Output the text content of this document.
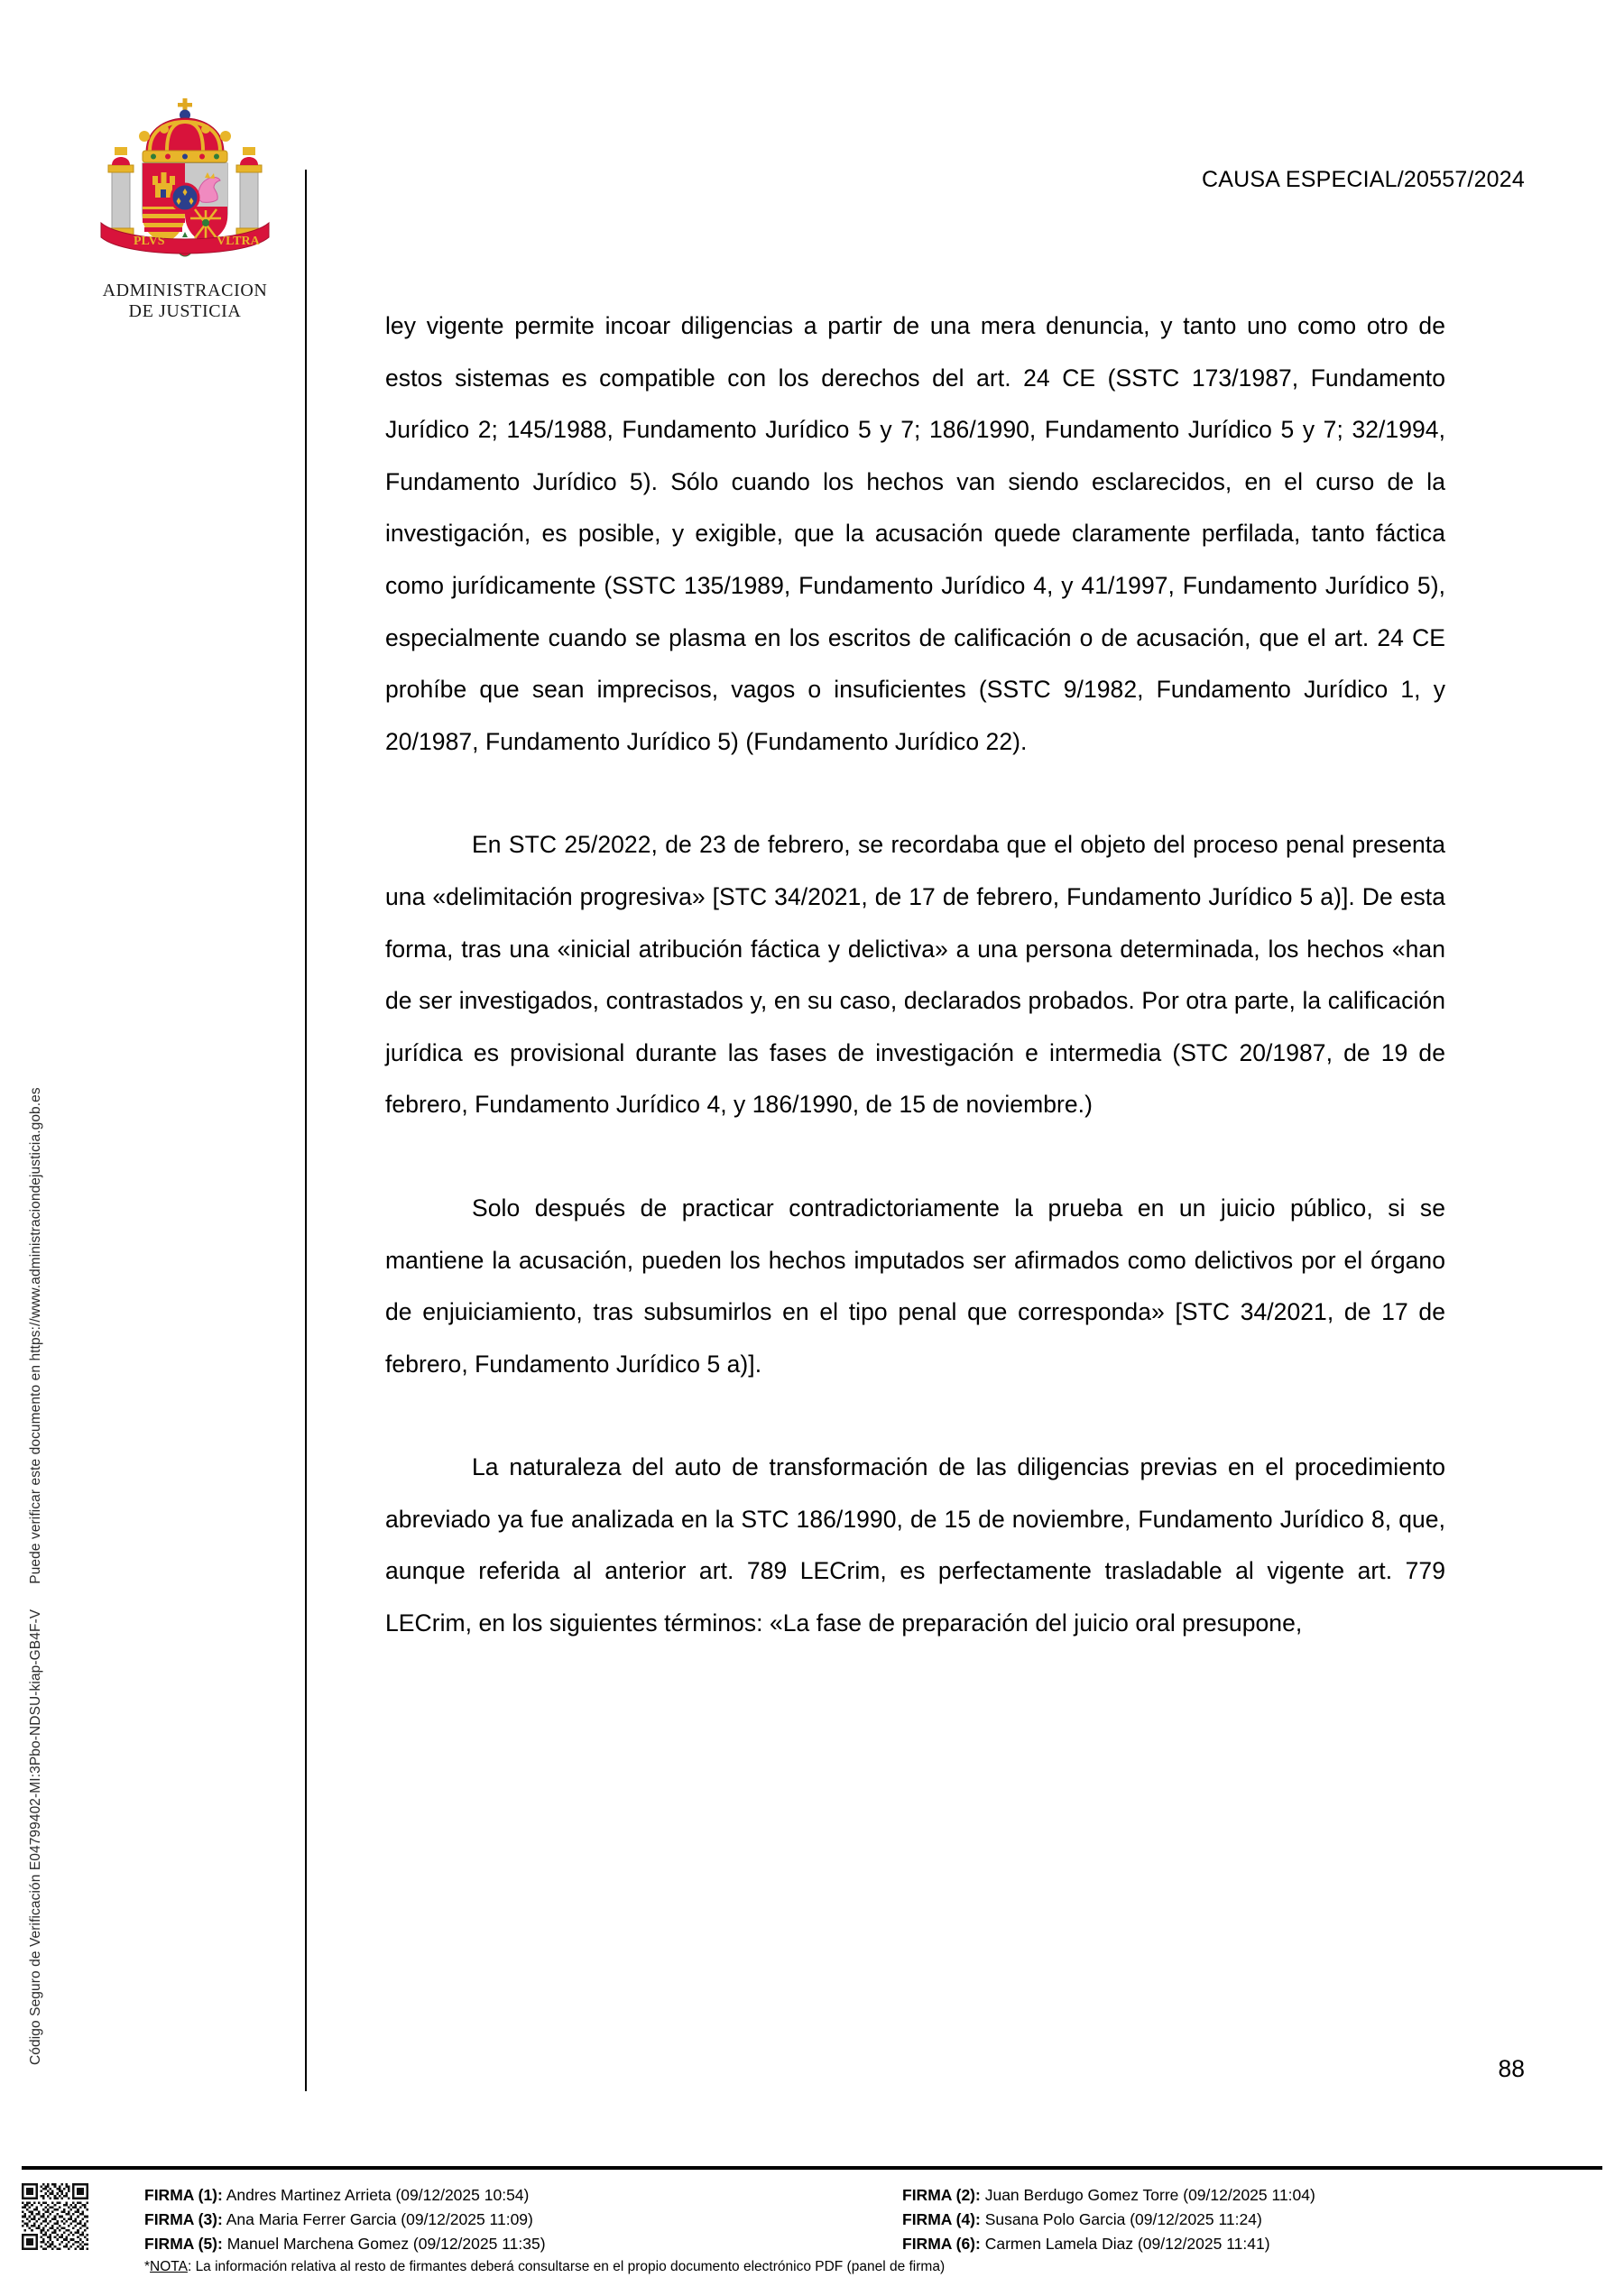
Código Seguro de Verificación E04799402-MI:3Pbo-NDSU-kiap-GB4F-VPuede verificar este documento en https://www.administraciondejusticia.gob.es
PLVS	VLTRA
ADMINISTRACION
DE JUSTICIA
CAUSA ESPECIAL/20557/2024

ley vigente permite incoar diligencias a partir de una mera denuncia, y tanto uno como otro de estos sistemas es compatible con los derechos del art. 24 CE (SSTC 173/1987, Fundamento Jurídico 2; 145/1988, Fundamento Jurídico 5 y 7; 186/1990, Fundamento Jurídico 5 y 7; 32/1994, Fundamento Jurídico 5). Sólo cuando los hechos van siendo esclarecidos, en el curso de la investigación, es posible, y exigible, que la acusación quede claramente perfilada, tanto fáctica como jurídicamente (SSTC 135/1989, Fundamento Jurídico 4, y 41/1997, Fundamento Jurídico 5), especialmente cuando se plasma en los escritos de calificación o de acusación, que el art. 24 CE prohíbe que sean imprecisos, vagos o insuficientes (SSTC 9/1982, Fundamento Jurídico 1, y 20/1987, Fundamento Jurídico 5) (Fundamento Jurídico 22).

En STC 25/2022, de 23 de febrero, se recordaba que el objeto del proceso penal presenta una «delimitación progresiva» [STC 34/2021, de 17 de febrero, Fundamento Jurídico 5 a)]. De esta forma, tras una «inicial atribución fáctica y delictiva» a una persona determinada, los hechos «han de ser investigados, contrastados y, en su caso, declarados probados. Por otra parte, la calificación jurídica es provisional durante las fases de investigación e intermedia (STC 20/1987, de 19 de febrero, Fundamento Jurídico 4, y 186/1990, de 15 de noviembre.)

Solo después de practicar contradictoriamente la prueba en un juicio público, si se mantiene la acusación, pueden los hechos imputados ser afirmados como delictivos por el órgano de enjuiciamiento, tras subsumirlos en el tipo penal que corresponda» [STC 34/2021, de 17 de febrero, Fundamento Jurídico 5 a)].

La naturaleza del auto de transformación de las diligencias previas en el procedimiento abreviado ya fue analizada en la STC 186/1990, de 15 de noviembre, Fundamento Jurídico 8, que, aunque referida al anterior art. 789 LECrim, es perfectamente trasladable al vigente art. 779 LECrim, en los siguientes términos: «La fase de preparación del juicio oral presupone,

88
FIRMA (1): Andres Martinez Arrieta (09/12/2025 10:54)	FIRMA (2): Juan Berdugo Gomez Torre (09/12/2025 11:04)
FIRMA (3): Ana Maria Ferrer Garcia (09/12/2025 11:09)	FIRMA (4): Susana Polo Garcia (09/12/2025 11:24)
FIRMA (5): Manuel Marchena Gomez (09/12/2025 11:35)	FIRMA (6): Carmen Lamela Diaz (09/12/2025 11:41)
*NOTA: La información relativa al resto de firmantes deberá consultarse en el propio documento electrónico PDF (panel de firma)
